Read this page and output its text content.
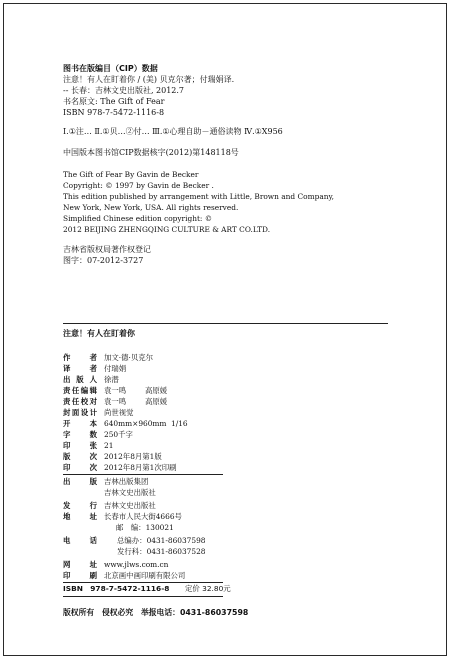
图书在版编目（CIP）数据
注意！有人在盯着你 / (美) 贝克尔著；付瑞娟译.
-- 长春：吉林文史出版社, 2012.7
书名原文: The Gift of Fear
ISBN 978-7-5472-1116-8
Ⅰ.①注… Ⅱ.①贝…②付… Ⅲ.①心理自助－通俗读物 Ⅳ.①X956
中国版本图书馆CIP数据核字(2012)第148118号
The Gift of Fear By Gavin de Becker
Copyright: © 1997 by Gavin de Becker .
This edition published by arrangement with Little, Brown and Company,
New York, New York, USA. All rights reserved.
Simplified Chinese edition copyright: ©
2012 BEIJING ZHENGQING CULTURE & ART CO.LTD.
吉林省版权局著作权登记
图字：07-2012-3727
注意！有人在盯着你
作者 加文·德·贝克尔
译者 付瑞娟
出版人 徐潜
责任编辑 袁一鸣	高原媛
责任校对 袁一鸣	高原媛
封面设计 尚世视觉
开本 640mm×960mm 1/16
字数 250千字
印张 21
版次 2012年8月第1版
印次 2012年8月第1次印刷
出版 吉林出版集团
吉林文史出版社
发行 吉林文史出版社
地址 长春市人民大街4666号
邮　编：130021
电话	总编办：0431-86037598
发行科：0431-86037528
网址 www.jlws.com.cn
印刷 北京画中画印刷有限公司
ISBN　978-7-5472-1116-8 定价 32.80元
版权所有　侵权必究　举报电话：0431-86037598
